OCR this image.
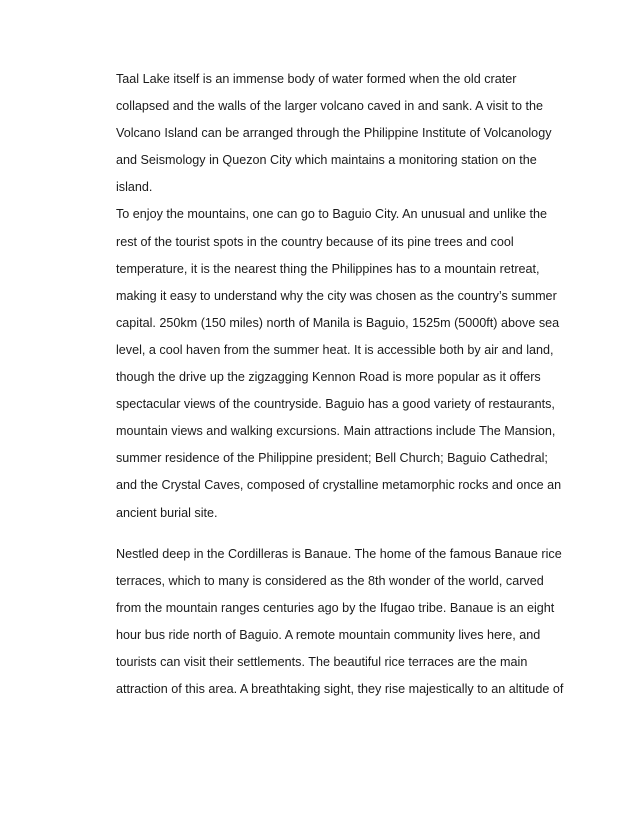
Taal Lake itself is an immense body of water formed when the old crater
collapsed and the walls of the larger volcano caved in and sank. A visit to the
Volcano Island can be arranged through the Philippine Institute of Volcanology
and Seismology in Quezon City which maintains a monitoring station on the
island.
To enjoy the mountains, one can go to Baguio City. An unusual and unlike the
rest of the tourist spots in the country because of its pine trees and cool
temperature, it is the nearest thing the Philippines has to a mountain retreat,
making it easy to understand why the city was chosen as the country’s summer
capital. 250km (150 miles) north of Manila is Baguio, 1525m (5000ft) above sea
level, a cool haven from the summer heat. It is accessible both by air and land,
though the drive up the zigzagging Kennon Road is more popular as it offers
spectacular views of the countryside. Baguio has a good variety of restaurants,
mountain views and walking excursions. Main attractions include The Mansion,
summer residence of the Philippine president; Bell Church; Baguio Cathedral;
and the Crystal Caves, composed of crystalline metamorphic rocks and once an
ancient burial site.
Nestled deep in the Cordilleras is Banaue. The home of the famous Banaue rice
terraces, which to many is considered as the 8th wonder of the world, carved
from the mountain ranges centuries ago by the Ifugao tribe. Banaue is an eight
hour bus ride north of Baguio. A remote mountain community lives here, and
tourists can visit their settlements. The beautiful rice terraces are the main
attraction of this area. A breathtaking sight, they rise majestically to an altitude of
